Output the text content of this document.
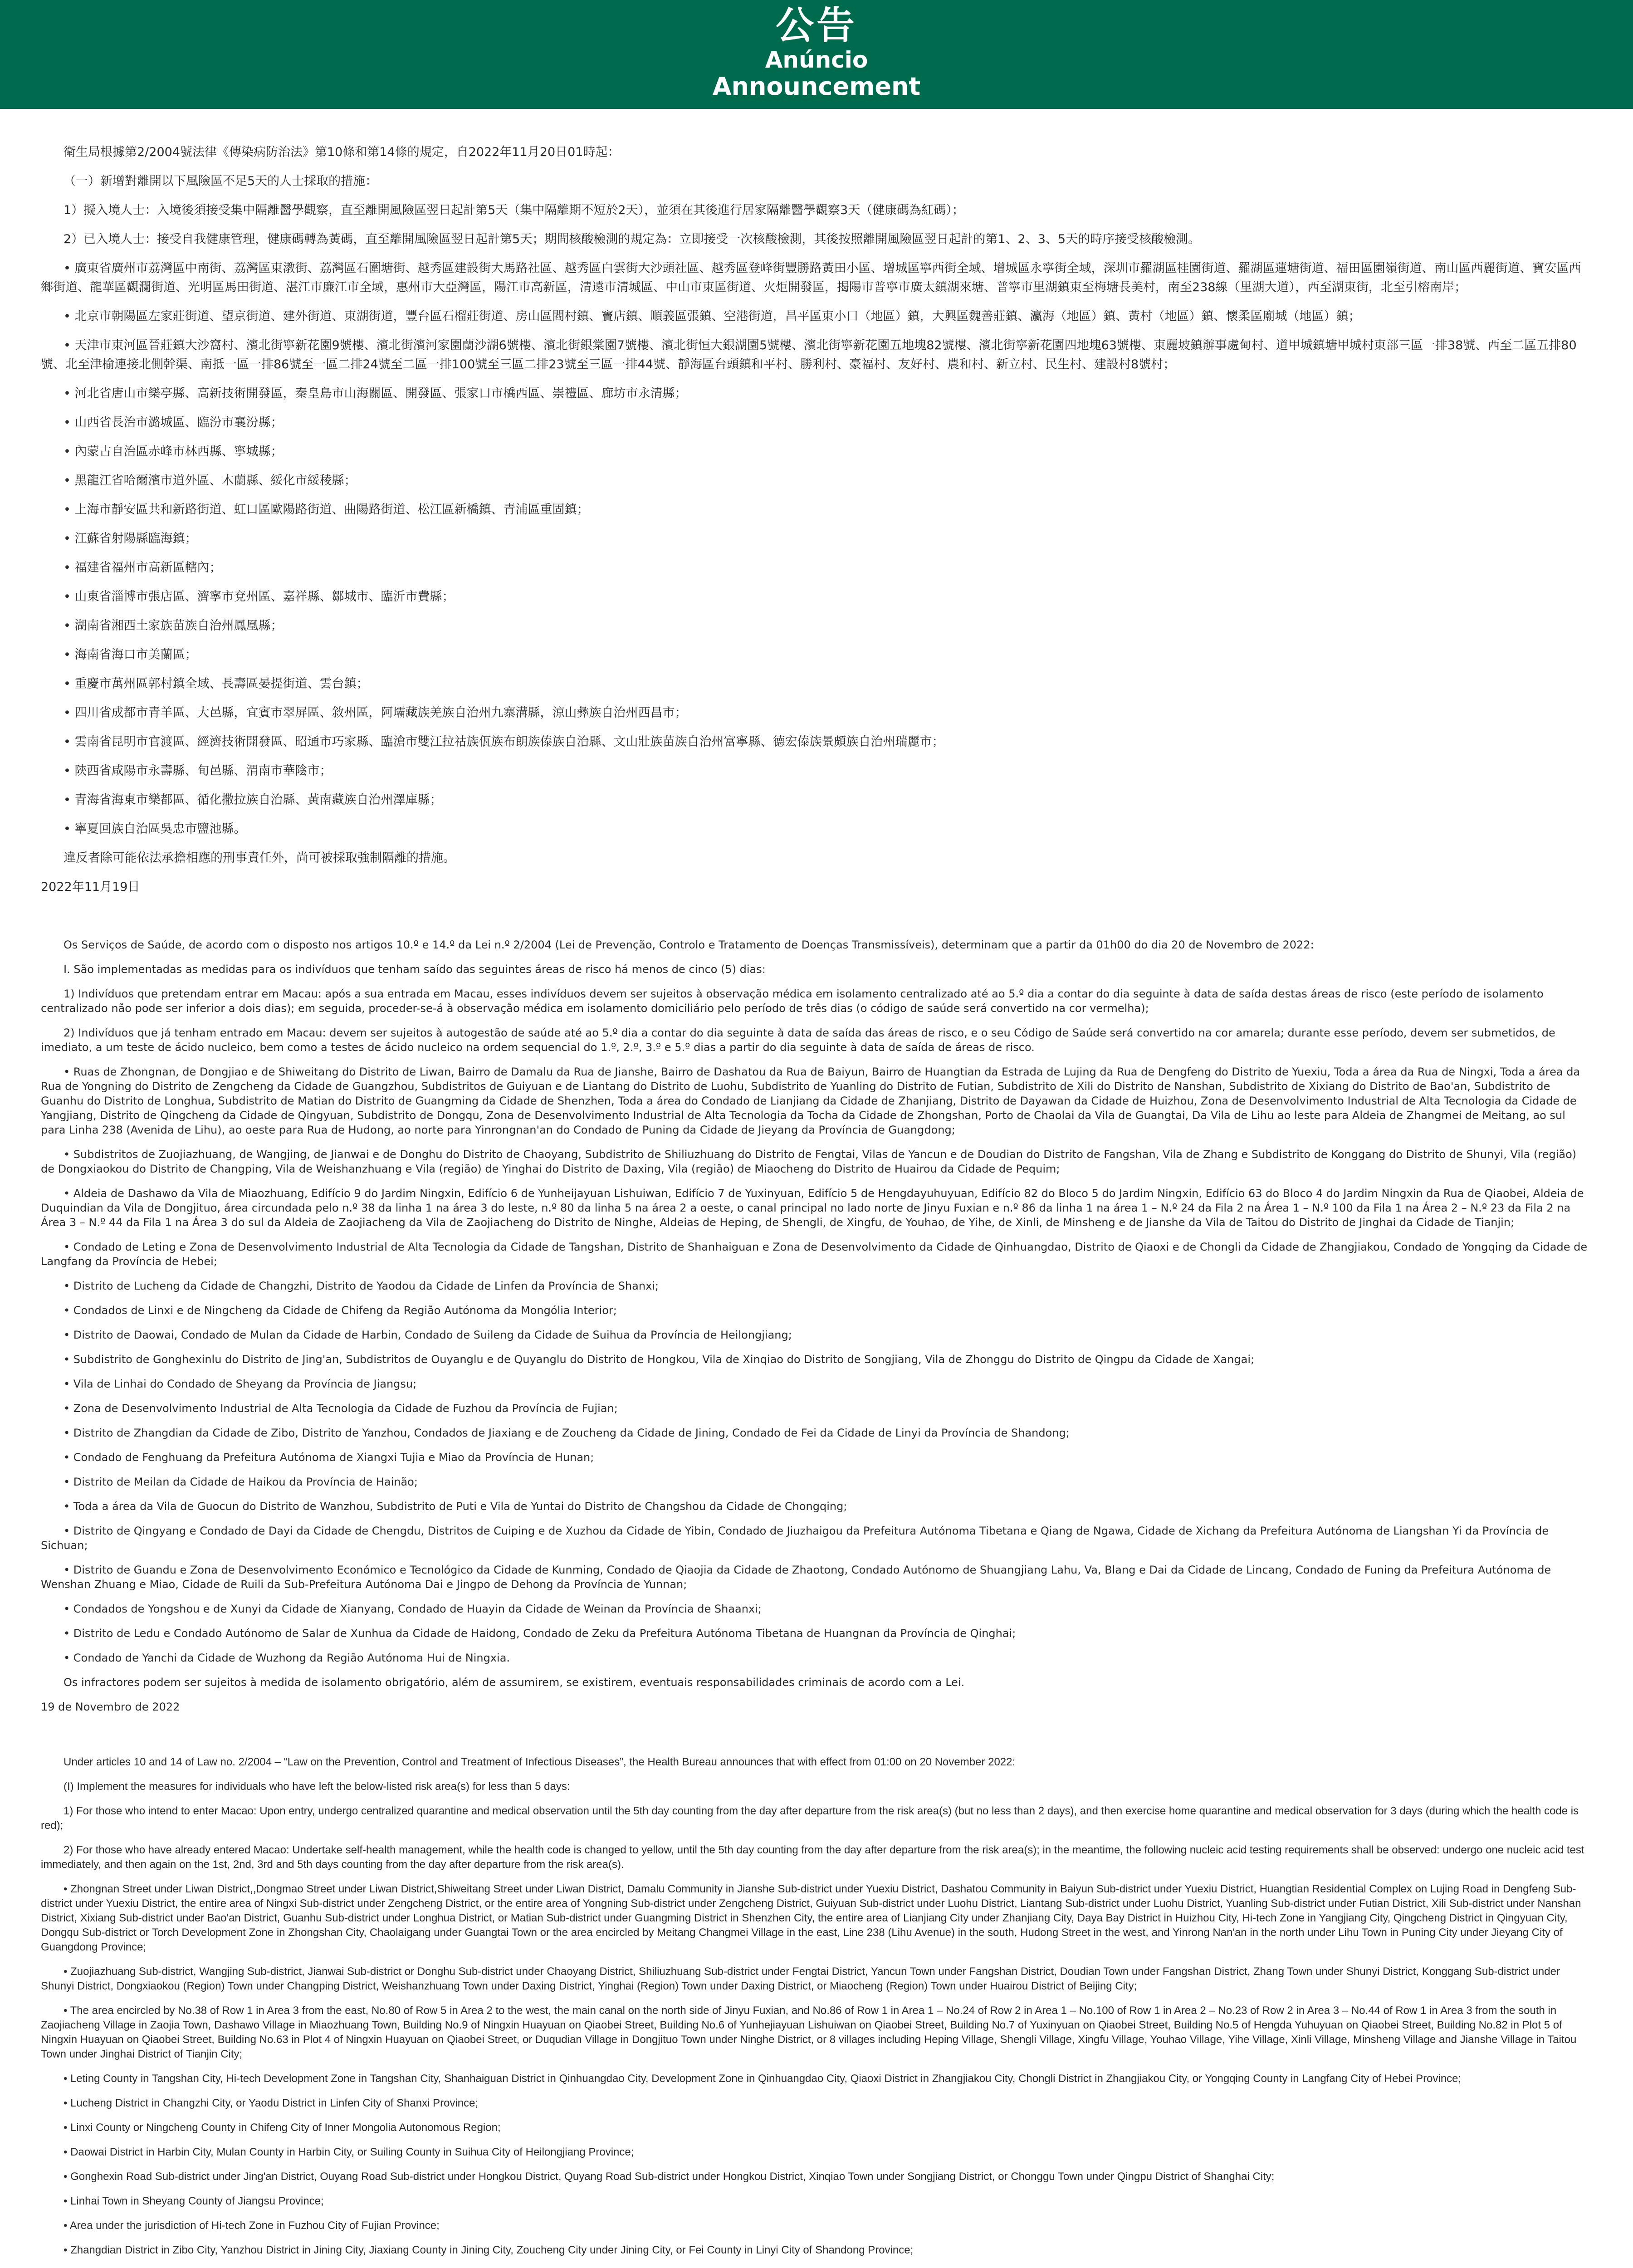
公告
Anúncio
Announcement

衛生局根據第2/2004號法律《傳染病防治法》第10條和第14條的規定，自2022年11月20日01時起：

（一）新增對離開以下風險區不足5天的人士採取的措施：

1）擬入境人士：入境後須接受集中隔離醫學觀察，直至離開風險區翌日起計第5天（集中隔離期不短於2天），並須在其後進行居家隔離醫學觀察3天（健康碼為紅碼）；

2）已入境人士：接受自我健康管理，健康碼轉為黃碼，直至離開風險區翌日起計第5天；期間核酸檢測的規定為：立即接受一次核酸檢測，其後按照離開風險區翌日起計的第1、2、3、5天的時序接受核酸檢測。

• 廣東省廣州市荔灣區中南街、荔灣區東漖街、荔灣區石圍塘街、越秀區建設街大馬路社區、越秀區白雲街大沙頭社區、越秀區登峰街豐勝路黃田小區、增城區寧西街全域、增城區永寧街全域，深圳市羅湖區桂園街道、羅湖區蓮塘街道、福田區園嶺街道、南山區西麗街道、寶安區西鄉街道、龍華區觀瀾街道、光明區馬田街道、湛江市廉江市全域，惠州市大亞灣區，陽江市高新區，清遠市清城區、中山市東區街道、火炬開發區，揭陽市普寧市廣太鎮湖來塘、普寧市里湖鎮東至梅塘長美村，南至238線（里湖大道），西至湖東街，北至引榕南岸；

• 北京市朝陽區左家莊街道、望京街道、建外街道、東湖街道，豐台區石榴莊街道、房山區閻村鎮、竇店鎮、順義區張鎮、空港街道，昌平區東小口（地區）鎮，大興區魏善莊鎮、瀛海（地區）鎮、黃村（地區）鎮、懷柔區廟城（地區）鎮；

• 天津市東河區晉莊鎮大沙窩村、濱北街寧新花園9號樓、濱北街濱河家園蘭沙湖6號樓、濱北街銀棠園7號樓、濱北街恒大銀湖園5號樓、濱北街寧新花園五地塊82號樓、濱北街寧新花園四地塊63號樓、東麗坡鎮辦事處甸村、道甲城鎮塘甲城村東部三區一排38號、西至二區五排80號、北至津榆連接北側幹渠、南抵一區一排86號至一區二排24號至二區一排100號至三區二排23號至三區一排44號、靜海區台頭鎮和平村、勝利村、豪福村、友好村、農和村、新立村、民生村、建設村8號村；

• 河北省唐山市樂亭縣、高新技術開發區，秦皇島市山海關區、開發區、張家口市橋西區、崇禮區、廊坊市永清縣；

• 山西省長治市潞城區、臨汾市襄汾縣；

• 內蒙古自治區赤峰市林西縣、寧城縣；

• 黑龍江省哈爾濱市道外區、木蘭縣、綏化市綏稜縣；

• 上海市靜安區共和新路街道、虹口區歐陽路街道、曲陽路街道、松江區新橋鎮、青浦區重固鎮；

• 江蘇省射陽縣臨海鎮；

• 福建省福州市高新區轄內；

• 山東省淄博市張店區、濟寧市兗州區、嘉祥縣、鄒城市、臨沂市費縣；

• 湖南省湘西土家族苗族自治州鳳凰縣；

• 海南省海口市美蘭區；

• 重慶市萬州區郭村鎮全域、長壽區晏提街道、雲台鎮；

• 四川省成都市青羊區、大邑縣，宜賓市翠屏區、敘州區，阿壩藏族羌族自治州九寨溝縣，涼山彝族自治州西昌市；

• 雲南省昆明市官渡區、經濟技術開發區、昭通市巧家縣、臨滄市雙江拉祜族佤族布朗族傣族自治縣、文山壯族苗族自治州富寧縣、德宏傣族景頗族自治州瑞麗市；

• 陝西省咸陽市永壽縣、旬邑縣、渭南市華陰市；

• 青海省海東市樂都區、循化撒拉族自治縣、黃南藏族自治州澤庫縣；

• 寧夏回族自治區吳忠市鹽池縣。

違反者除可能依法承擔相應的刑事責任外，尚可被採取強制隔離的措施。

2022年11月19日

Os Serviços de Saúde, de acordo com o disposto nos artigos 10.º e 14.º da Lei n.º 2/2004 (Lei de Prevenção, Controlo e Tratamento de Doenças Transmissíveis), determinam que a partir da 01h00 do dia 20 de Novembro de 2022:

I. São implementadas as medidas para os indivíduos que tenham saído das seguintes áreas de risco há menos de cinco (5) dias:

1) Indivíduos que pretendam entrar em Macau: após a sua entrada em Macau, esses indivíduos devem ser sujeitos à observação médica em isolamento centralizado até ao 5.º dia a contar do dia seguinte à data de saída destas áreas de risco (este período de isolamento centralizado não pode ser inferior a dois dias); em seguida, proceder-se-á à observação médica em isolamento domiciliário pelo período de três dias (o código de saúde será convertido na cor vermelha);

2) Indivíduos que já tenham entrado em Macau: devem ser sujeitos à autogestão de saúde até ao 5.º dia a contar do dia seguinte à data de saída das áreas de risco, e o seu Código de Saúde será convertido na cor amarela; durante esse período, devem ser submetidos, de imediato, a um teste de ácido nucleico, bem como a testes de ácido nucleico na ordem sequencial do 1.º, 2.º, 3.º e 5.º dias a partir do dia seguinte à data de saída de áreas de risco.

• Ruas de Zhongnan, de Dongjiao e de Shiweitang do Distrito de Liwan, Bairro de Damalu da Rua de Jianshe, Bairro de Dashatou da Rua de Baiyun, Bairro de Huangtian da Estrada de Lujing da Rua de Dengfeng do Distrito de Yuexiu, Toda a área da Rua de Ningxi, Toda a área da Rua de Yongning do Distrito de Zengcheng da Cidade de Guangzhou, Subdistritos de Guiyuan e de Liantang do Distrito de Luohu, Subdistrito de Yuanling do Distrito de Futian, Subdistrito de Xili do Distrito de Nanshan, Subdistrito de Xixiang do Distrito de Bao'an, Subdistrito de Guanhu do Distrito de Longhua, Subdistrito de Matian do Distrito de Guangming da Cidade de Shenzhen, Toda a área do Condado de Lianjiang da Cidade de Zhanjiang, Distrito de Dayawan da Cidade de Huizhou, Zona de Desenvolvimento Industrial de Alta Tecnologia da Cidade de Yangjiang, Distrito de Qingcheng da Cidade de Qingyuan, Subdistrito de Dongqu, Zona de Desenvolvimento Industrial de Alta Tecnologia da Tocha da Cidade de Zhongshan, Porto de Chaolai da Vila de Guangtai, Da Vila de Lihu ao leste para Aldeia de Zhangmei de Meitang, ao sul para Linha 238 (Avenida de Lihu), ao oeste para Rua de Hudong, ao norte para Yinrongnan'an do Condado de Puning da Cidade de Jieyang da Província de Guangdong;

• Subdistritos de Zuojiazhuang, de Wangjing, de Jianwai e de Donghu do Distrito de Chaoyang, Subdistrito de Shiliuzhuang do Distrito de Fengtai, Vilas de Yancun e de Doudian do Distrito de Fangshan, Vila de Zhang e Subdistrito de Konggang do Distrito de Shunyi, Vila (região) de Dongxiaokou do Distrito de Changping, Vila de Weishanzhuang e Vila (região) de Yinghai do Distrito de Daxing, Vila (região) de Miaocheng do Distrito de Huairou da Cidade de Pequim;

• Aldeia de Dashawo da Vila de Miaozhuang, Edifício 9 do Jardim Ningxin, Edifício 6 de Yunheijayuan Lishuiwan, Edifício 7 de Yuxinyuan, Edifício 5 de Hengdayuhuyuan, Edifício 82 do Bloco 5 do Jardim Ningxin, Edifício 63 do Bloco 4 do Jardim Ningxin da Rua de Qiaobei, Aldeia de Duquindian da Vila de Dongjituo, área circundada pelo n.º 38 da linha 1 na área 3 do leste, n.º 80 da linha 5 na área 2 a oeste, o canal principal no lado norte de Jinyu Fuxian e n.º 86 da linha 1 na área 1 – N.º 24 da Fila 2 na Área 1 – N.º 100 da Fila 1 na Área 2 – N.º 23 da Fila 2 na Área 3 – N.º 44 da Fila 1 na Área 3 do sul da Aldeia de Zaojiacheng da Vila de Zaojiacheng do Distrito de Ninghe, Aldeias de Heping, de Shengli, de Xingfu, de Youhao, de Yihe, de Xinli, de Minsheng e de Jianshe da Vila de Taitou do Distrito de Jinghai da Cidade de Tianjin;

• Condado de Leting e Zona de Desenvolvimento Industrial de Alta Tecnologia da Cidade de Tangshan, Distrito de Shanhaiguan e Zona de Desenvolvimento da Cidade de Qinhuangdao, Distrito de Qiaoxi e de Chongli da Cidade de Zhangjiakou, Condado de Yongqing da Cidade de Langfang da Província de Hebei;

• Distrito de Lucheng da Cidade de Changzhi, Distrito de Yaodou da Cidade de Linfen da Província de Shanxi;

• Condados de Linxi e de Ningcheng da Cidade de Chifeng da Região Autónoma da Mongólia Interior;

• Distrito de Daowai, Condado de Mulan da Cidade de Harbin, Condado de Suileng da Cidade de Suihua da Província de Heilongjiang;

• Subdistrito de Gonghexinlu do Distrito de Jing'an, Subdistritos de Ouyanglu e de Quyanglu do Distrito de Hongkou, Vila de Xinqiao do Distrito de Songjiang, Vila de Zhonggu do Distrito de Qingpu da Cidade de Xangai;

• Vila de Linhai do Condado de Sheyang da Província de Jiangsu;

• Zona de Desenvolvimento Industrial de Alta Tecnologia da Cidade de Fuzhou da Província de Fujian;

• Distrito de Zhangdian da Cidade de Zibo, Distrito de Yanzhou, Condados de Jiaxiang e de Zoucheng da Cidade de Jining, Condado de Fei da Cidade de Linyi da Província de Shandong;

• Condado de Fenghuang da Prefeitura Autónoma de Xiangxi Tujia e Miao da Província de Hunan;

• Distrito de Meilan da Cidade de Haikou da Província de Hainão;

• Toda a área da Vila de Guocun do Distrito de Wanzhou, Subdistrito de Puti e Vila de Yuntai do Distrito de Changshou da Cidade de Chongqing;

• Distrito de Qingyang e Condado de Dayi da Cidade de Chengdu, Distritos de Cuiping e de Xuzhou da Cidade de Yibin, Condado de Jiuzhaigou da Prefeitura Autónoma Tibetana e Qiang de Ngawa, Cidade de Xichang da Prefeitura Autónoma de Liangshan Yi da Província de Sichuan;

• Distrito de Guandu e Zona de Desenvolvimento Económico e Tecnológico da Cidade de Kunming, Condado de Qiaojia da Cidade de Zhaotong, Condado Autónomo de Shuangjiang Lahu, Va, Blang e Dai da Cidade de Lincang, Condado de Funing da Prefeitura Autónoma de Wenshan Zhuang e Miao, Cidade de Ruili da Sub-Prefeitura Autónoma Dai e Jingpo de Dehong da Província de Yunnan;

• Condados de Yongshou e de Xunyi da Cidade de Xianyang, Condado de Huayin da Cidade de Weinan da Província de Shaanxi;

• Distrito de Ledu e Condado Autónomo de Salar de Xunhua da Cidade de Haidong, Condado de Zeku da Prefeitura Autónoma Tibetana de Huangnan da Província de Qinghai;

• Condado de Yanchi da Cidade de Wuzhong da Região Autónoma Hui de Ningxia.

Os infractores podem ser sujeitos à medida de isolamento obrigatório, além de assumirem, se existirem, eventuais responsabilidades criminais de acordo com a Lei.

19 de Novembro de 2022

Under articles 10 and 14 of Law no. 2/2004 – “Law on the Prevention, Control and Treatment of Infectious Diseases”, the Health Bureau announces that with effect from 01:00 on 20 November 2022:

(I) Implement the measures for individuals who have left the below-listed risk area(s) for less than 5 days:

1) For those who intend to enter Macao: Upon entry, undergo centralized quarantine and medical observation until the 5th day counting from the day after departure from the risk area(s) (but no less than 2 days), and then exercise home quarantine and medical observation for 3 days (during which the health code is red);

2) For those who have already entered Macao: Undertake self-health management, while the health code is changed to yellow, until the 5th day counting from the day after departure from the risk area(s); in the meantime, the following nucleic acid testing requirements shall be observed: undergo one nucleic acid test immediately, and then again on the 1st, 2nd, 3rd and 5th days counting from the day after departure from the risk area(s).

• Zhongnan Street under Liwan District,,Dongmao Street under Liwan District,Shiweitang Street under Liwan District, Damalu Community in Jianshe Sub-district under Yuexiu District, Dashatou Community in Baiyun Sub-district under Yuexiu District, Huangtian Residential Complex on Lujing Road in Dengfeng Sub-district under Yuexiu District, the entire area of Ningxi Sub-district under Zengcheng District, or the entire area of Yongning Sub-district under Zengcheng District, Guiyuan Sub-district under Luohu District, Liantang Sub-district under Luohu District, Yuanling Sub-district under Futian District, Xili Sub-district under Nanshan District, Xixiang Sub-district under Bao'an District, Guanhu Sub-district under Longhua District, or Matian Sub-district under Guangming District in Shenzhen City, the entire area of Lianjiang City under Zhanjiang City, Daya Bay District in Huizhou City, Hi-tech Zone in Yangjiang City, Qingcheng District in Qingyuan City, Dongqu Sub-district or Torch Development Zone in Zhongshan City, Chaolaigang under Guangtai Town or the area encircled by Meitang Changmei Village in the east, Line 238 (Lihu Avenue) in the south, Hudong Street in the west, and Yinrong Nan'an in the north under Lihu Town in Puning City under Jieyang City of Guangdong Province;

• Zuojiazhuang Sub-district, Wangjing Sub-district, Jianwai Sub-district or Donghu Sub-district under Chaoyang District, Shiliuzhuang Sub-district under Fengtai District, Yancun Town under Fangshan District, Doudian Town under Fangshan District, Zhang Town under Shunyi District, Konggang Sub-district under Shunyi District, Dongxiaokou (Region) Town under Changping District, Weishanzhuang Town under Daxing District, Yinghai (Region) Town under Daxing District, or Miaocheng (Region) Town under Huairou District of Beijing City;

• The area encircled by No.38 of Row 1 in Area 3 from the east, No.80 of Row 5 in Area 2 to the west, the main canal on the north side of Jinyu Fuxian, and No.86 of Row 1 in Area 1 – No.24 of Row 2 in Area 1 – No.100 of Row 1 in Area 2 – No.23 of Row 2 in Area 3 – No.44 of Row 1 in Area 3 from the south in Zaojiacheng Village in Zaojia Town, Dashawo Village in Miaozhuang Town, Building No.9 of Ningxin Huayuan on Qiaobei Street, Building No.6 of Yunhejiayuan Lishuiwan on Qiaobei Street, Building No.7 of Yuxinyuan on Qiaobei Street, Building No.5 of Hengda Yuhuyuan on Qiaobei Street, Building No.82 in Plot 5 of Ningxin Huayuan on Qiaobei Street, Building No.63 in Plot 4 of Ningxin Huayuan on Qiaobei Street, or Duqudian Village in Dongjituo Town under Ninghe District, or 8 villages including Heping Village, Shengli Village, Xingfu Village, Youhao Village, Yihe Village, Xinli Village, Minsheng Village and Jianshe Village in Taitou Town under Jinghai District of Tianjin City;

• Leting County in Tangshan City, Hi-tech Development Zone in Tangshan City, Shanhaiguan District in Qinhuangdao City, Development Zone in Qinhuangdao City, Qiaoxi District in Zhangjiakou City, Chongli District in Zhangjiakou City, or Yongqing County in Langfang City of Hebei Province;

• Lucheng District in Changzhi City, or Yaodu District in Linfen City of Shanxi Province;

• Linxi County or Ningcheng County in Chifeng City of Inner Mongolia Autonomous Region;

• Daowai District in Harbin City, Mulan County in Harbin City, or Suiling County in Suihua City of Heilongjiang Province;

• Gonghexin Road Sub-district under Jing'an District, Ouyang Road Sub-district under Hongkou District, Quyang Road Sub-district under Hongkou District, Xinqiao Town under Songjiang District, or Chonggu Town under Qingpu District of Shanghai City;

• Linhai Town in Sheyang County of Jiangsu Province;

• Area under the jurisdiction of Hi-tech Zone in Fuzhou City of Fujian Province;

• Zhangdian District in Zibo City, Yanzhou District in Jining City, Jiaxiang County in Jining City, Zoucheng City under Jining City, or Fei County in Linyi City of Shandong Province;
